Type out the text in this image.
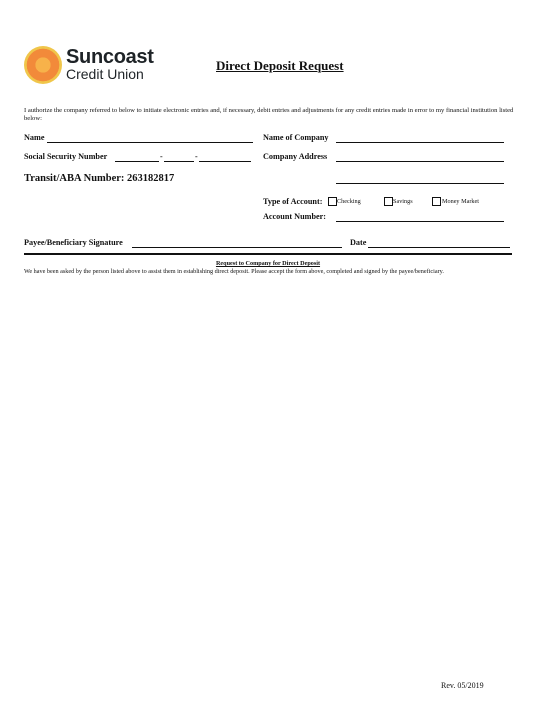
Suncoast
Credit Union
Direct Deposit Request
I authorize the company referred to below to initiate electronic entries and, if necessary, debit entries and adjustments for any credit entries made in error to my financial institution listed below:
Name	Name of Company
Social Security Number	-	-	Company Address
Transit/ABA Number: 263182817
Type of Account: Checking	Savings	Money Market
Account Number:
Payee/Beneficiary Signature	Date
Request to Company for Direct Deposit
We have been asked by the person listed above to assist them in establishing direct deposit. Please accept the form above, completed and signed by the payee/beneficiary.
Rev. 05/2019
